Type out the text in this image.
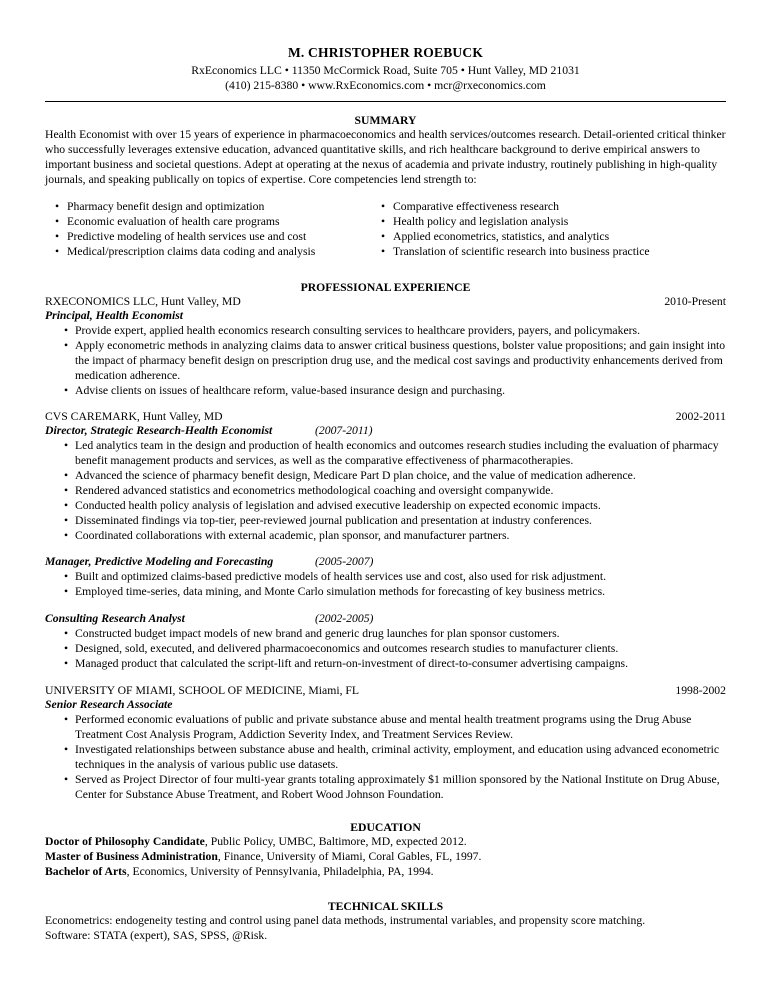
M. CHRISTOPHER ROEBUCK
RxEconomics LLC • 11350 McCormick Road, Suite 705 • Hunt Valley, MD 21031
(410) 215-8380 • www.RxEconomics.com • mcr@rxeconomics.com
SUMMARY
Health Economist with over 15 years of experience in pharmacoeconomics and health services/outcomes research. Detail-oriented critical thinker who successfully leverages extensive education, advanced quantitative skills, and rich healthcare background to derive empirical answers to important business and societal questions. Adept at operating at the nexus of academia and private industry, routinely publishing in high-quality journals, and speaking publically on topics of expertise. Core competencies lend strength to:
• Pharmacy benefit design and optimization
• Economic evaluation of health care programs
• Predictive modeling of health services use and cost
• Medical/prescription claims data coding and analysis
• Comparative effectiveness research
• Health policy and legislation analysis
• Applied econometrics, statistics, and analytics
• Translation of scientific research into business practice
PROFESSIONAL EXPERIENCE
RXECONOMICS LLC, Hunt Valley, MD	2010-Present
Principal, Health Economist
• Provide expert, applied health economics research consulting services to healthcare providers, payers, and policymakers.
• Apply econometric methods in analyzing claims data to answer critical business questions, bolster value propositions; and gain insight into the impact of pharmacy benefit design on prescription drug use, and the medical cost savings and productivity enhancements derived from medication adherence.
• Advise clients on issues of healthcare reform, value-based insurance design and purchasing.
CVS CAREMARK, Hunt Valley, MD	2002-2011
Director, Strategic Research-Health Economist	(2007-2011)
• Led analytics team in the design and production of health economics and outcomes research studies including the evaluation of pharmacy benefit management products and services, as well as the comparative effectiveness of pharmacotherapies.
• Advanced the science of pharmacy benefit design, Medicare Part D plan choice, and the value of medication adherence.
• Rendered advanced statistics and econometrics methodological coaching and oversight companywide.
• Conducted health policy analysis of legislation and advised executive leadership on expected economic impacts.
• Disseminated findings via top-tier, peer-reviewed journal publication and presentation at industry conferences.
• Coordinated collaborations with external academic, plan sponsor, and manufacturer partners.
Manager, Predictive Modeling and Forecasting	(2005-2007)
• Built and optimized claims-based predictive models of health services use and cost, also used for risk adjustment.
• Employed time-series, data mining, and Monte Carlo simulation methods for forecasting of key business metrics.
Consulting Research Analyst	(2002-2005)
• Constructed budget impact models of new brand and generic drug launches for plan sponsor customers.
• Designed, sold, executed, and delivered pharmacoeconomics and outcomes research studies to manufacturer clients.
• Managed product that calculated the script-lift and return-on-investment of direct-to-consumer advertising campaigns.
UNIVERSITY OF MIAMI, SCHOOL OF MEDICINE, Miami, FL	1998-2002
Senior Research Associate
• Performed economic evaluations of public and private substance abuse and mental health treatment programs using the Drug Abuse Treatment Cost Analysis Program, Addiction Severity Index, and Treatment Services Review.
• Investigated relationships between substance abuse and health, criminal activity, employment, and education using advanced econometric techniques in the analysis of various public use datasets.
• Served as Project Director of four multi-year grants totaling approximately $1 million sponsored by the National Institute on Drug Abuse, Center for Substance Abuse Treatment, and Robert Wood Johnson Foundation.
EDUCATION
Doctor of Philosophy Candidate, Public Policy, UMBC, Baltimore, MD, expected 2012.
Master of Business Administration, Finance, University of Miami, Coral Gables, FL, 1997.
Bachelor of Arts, Economics, University of Pennsylvania, Philadelphia, PA, 1994.
TECHNICAL SKILLS
Econometrics: endogeneity testing and control using panel data methods, instrumental variables, and propensity score matching.
Software: STATA (expert), SAS, SPSS, @Risk.
